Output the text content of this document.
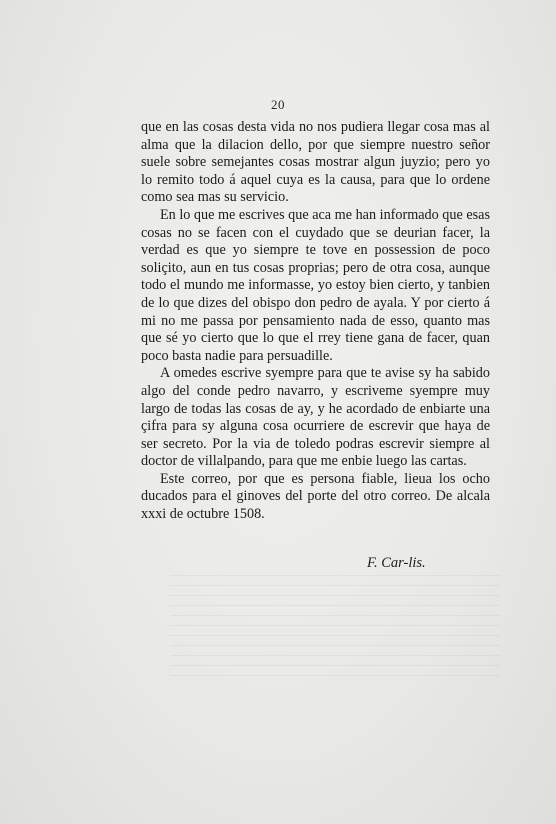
20

que en las cosas desta vida no nos pudiera llegar cosa mas al alma que la dilacion dello, por que siempre nuestro señor suele sobre semejantes cosas mostrar algun juyzio; pero yo lo remito todo á aquel cuya es la causa, para que lo ordene como sea mas su servicio.

En lo que me escrives que aca me han informado que esas cosas no se facen con el cuydado que se deurian facer, la verdad es que yo siempre te tove en possession de poco soliçito, aun en tus cosas proprias; pero de otra cosa, aunque todo el mundo me informasse, yo estoy bien cierto, y tanbien de lo que dizes del obispo don pedro de ayala. Y por cierto á mi no me passa por pensamiento nada de esso, quanto mas que sé yo cierto que lo que el rrey tiene gana de facer, quan poco basta nadie para persuadille.

A omedes escrive syempre para que te avise sy ha sabido algo del conde pedro navarro, y escriveme syempre muy largo de todas las cosas de ay, y he acordado de enbiarte una çifra para sy alguna cosa ocurriere de escrevir que haya de ser secreto. Por la via de toledo podras escrevir siempre al doctor de villalpando, para que me enbie luego las cartas.

Este correo, por que es persona fiable, lieua los ocho ducados para el ginoves del porte del otro correo. De alcala xxxi de octubre 1508.

F. Car-lis.
